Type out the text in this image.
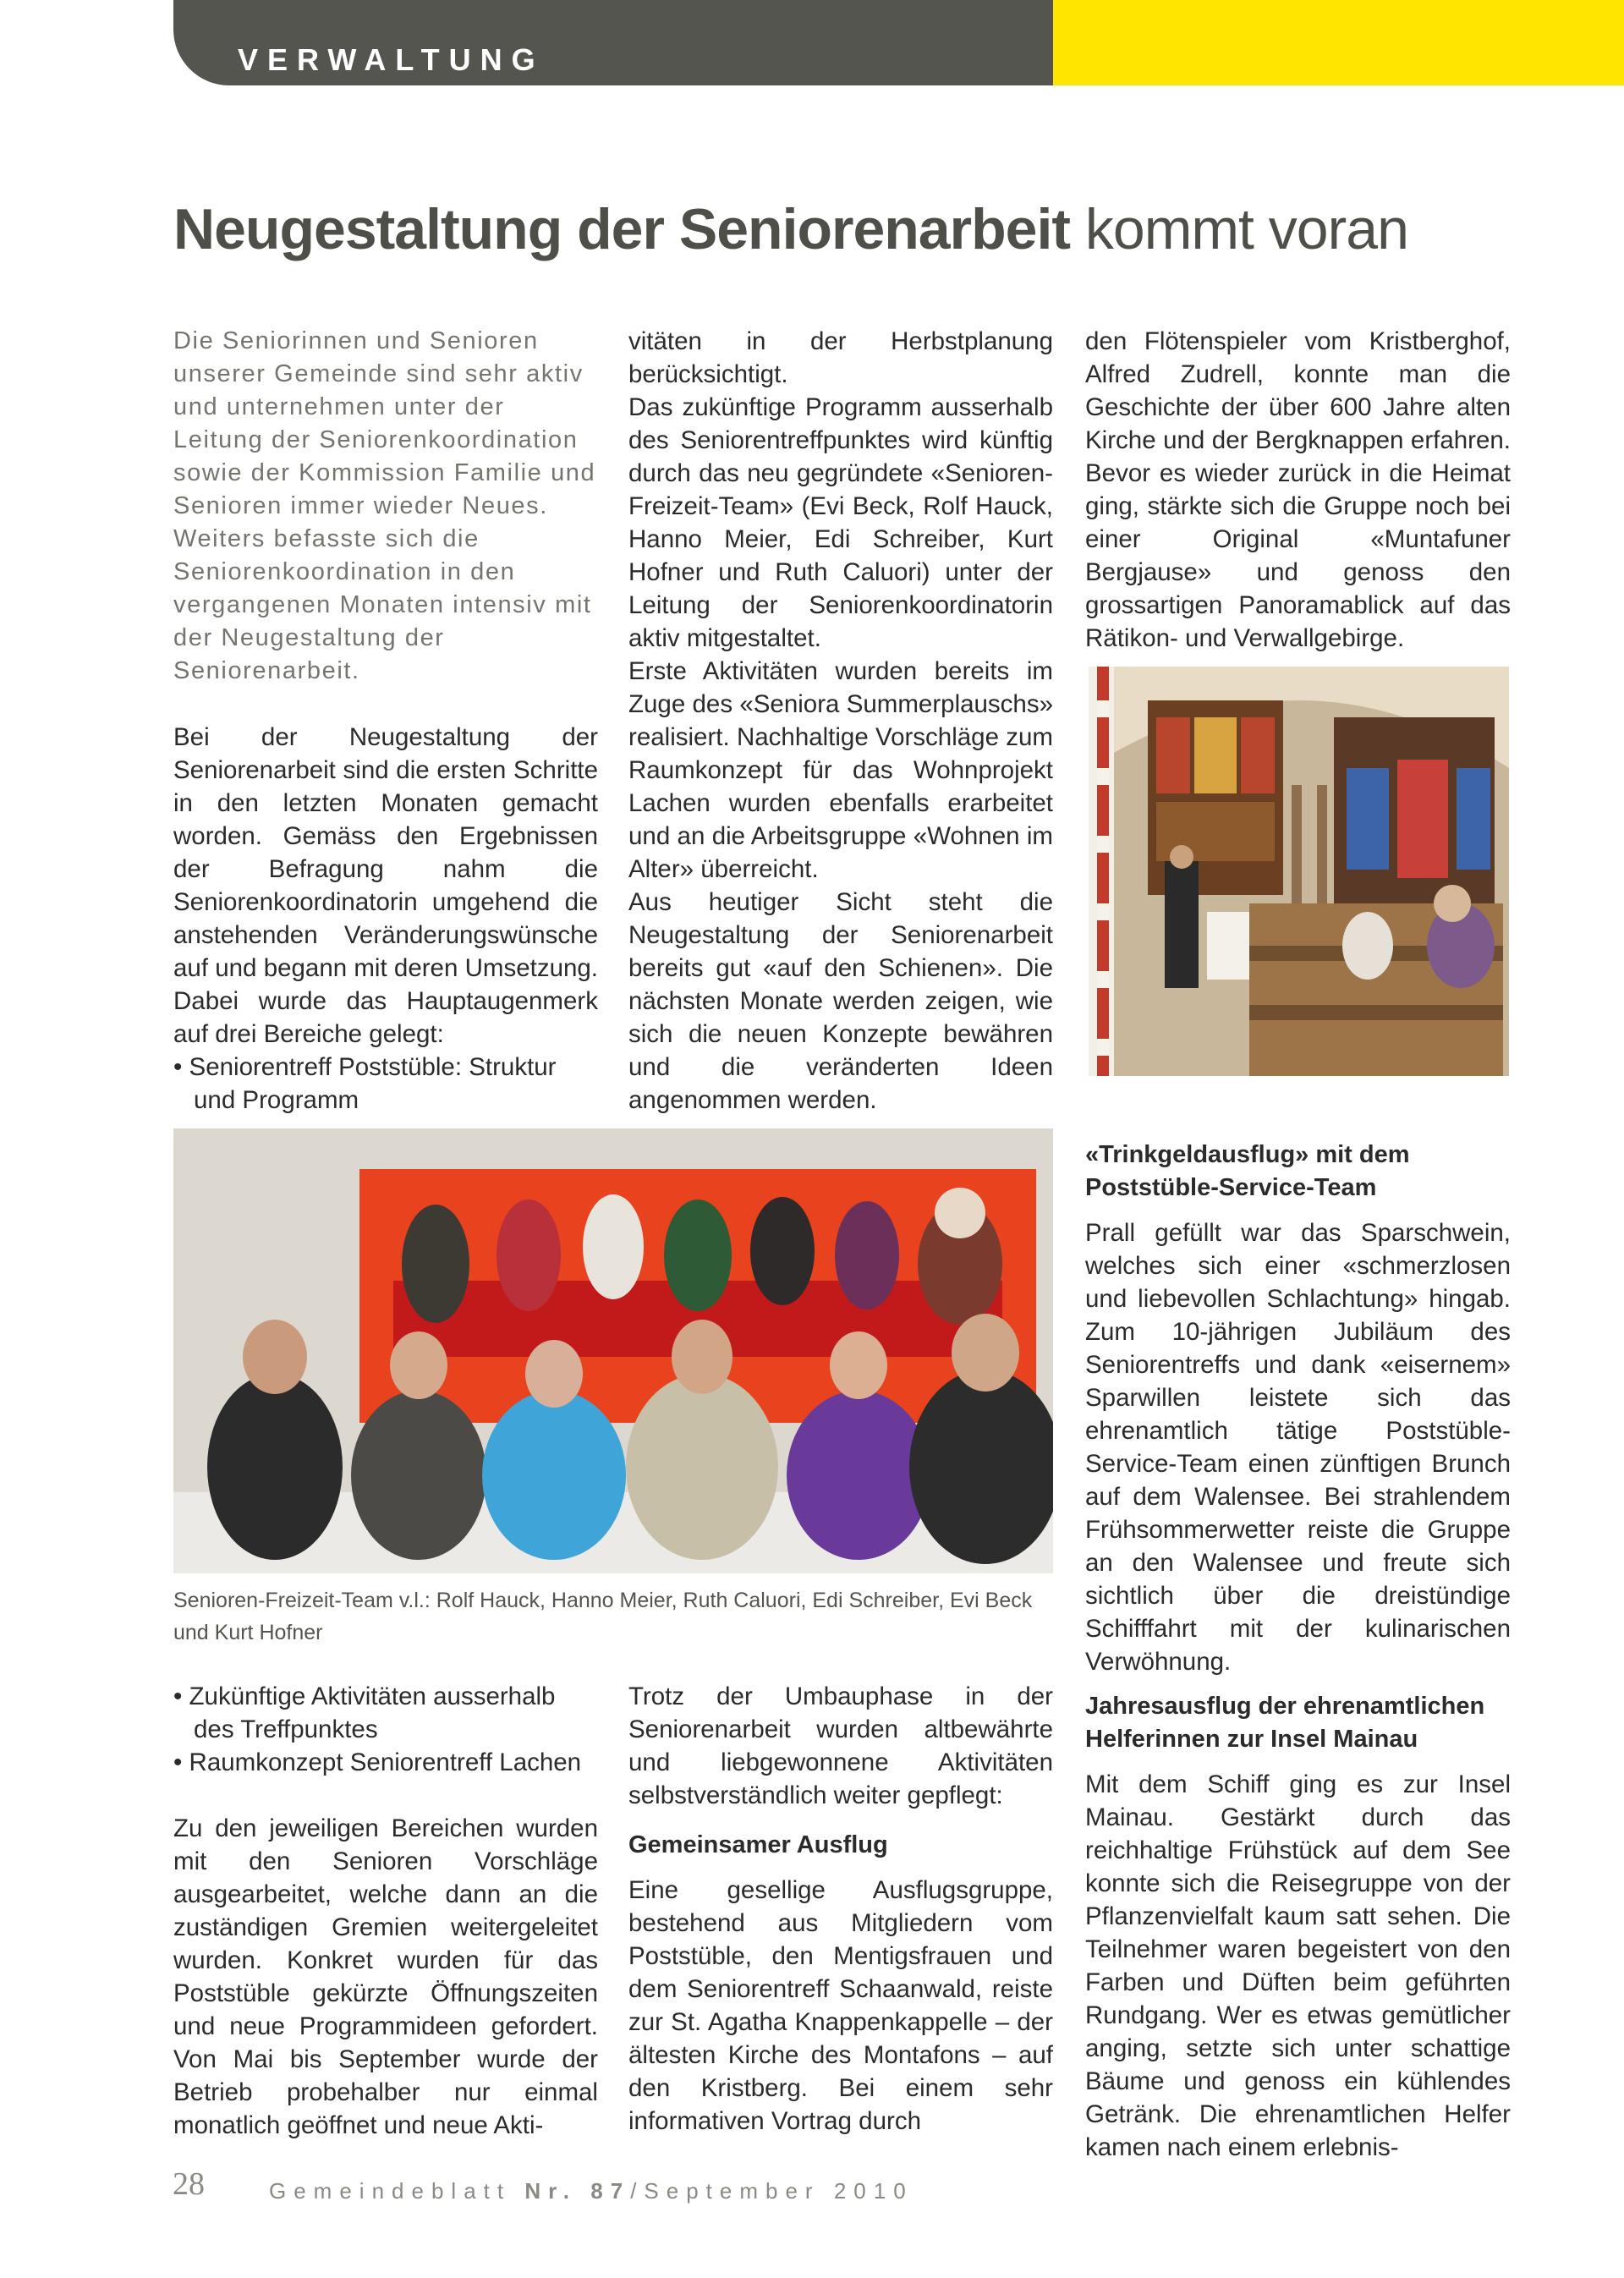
VERWALTUNG
Neugestaltung der Seniorenarbeit kommt voran

Die Seniorinnen und Senioren unserer Gemeinde sind sehr aktiv und unternehmen unter der Leitung der Seniorenkoordination sowie der Kommission Familie und Senioren immer wieder Neues. Weiters befasste sich die Seniorenkoordination in den vergangenen Monaten intensiv mit der Neugestaltung der Seniorenarbeit.

Bei der Neugestaltung der Seniorenarbeit sind die ersten Schritte in den letzten Monaten gemacht worden. Gemäss den Ergebnissen der Befragung nahm die Seniorenkoordinatorin umgehend die anstehenden Veränderungswünsche auf und begann mit deren Umsetzung. Dabei wurde das Hauptaugenmerk auf drei Bereiche gelegt:

• Seniorentreff Poststüble: Struktur und Programm

vitäten in der Herbstplanung berücksichtigt.

Das zukünftige Programm ausserhalb des Seniorentreffpunktes wird künftig durch das neu gegründete «Senioren-Freizeit-Team» (Evi Beck, Rolf Hauck, Hanno Meier, Edi Schreiber, Kurt Hofner und Ruth Caluori) unter der Leitung der Seniorenkoordinatorin aktiv mitgestaltet.

Erste Aktivitäten wurden bereits im Zuge des «Seniora Summerplauschs» realisiert. Nachhaltige Vorschläge zum Raumkonzept für das Wohnprojekt Lachen wurden ebenfalls erarbeitet und an die Arbeitsgruppe «Wohnen im Alter» überreicht.

Aus heutiger Sicht steht die Neugestaltung der Seniorenarbeit bereits gut «auf den Schienen». Die nächsten Monate werden zeigen, wie sich die neuen Konzepte bewähren und die veränderten Ideen angenommen werden.

den Flötenspieler vom Kristberghof, Alfred Zudrell, konnte man die Geschichte der über 600 Jahre alten Kirche und der Bergknappen erfahren. Bevor es wieder zurück in die Heimat ging, stärkte sich die Gruppe noch bei einer Original «Muntafuner Bergjause» und genoss den grossartigen Panoramablick auf das Rätikon- und Verwallgebirge.

Senioren-Freizeit-Team v.l.: Rolf Hauck, Hanno Meier, Ruth Caluori, Edi Schreiber, Evi Beck und Kurt Hofner

«Trinkgeldausflug» mit dem Poststüble-Service-Team

Prall gefüllt war das Sparschwein, welches sich einer «schmerzlosen und liebevollen Schlachtung» hingab. Zum 10-jährigen Jubiläum des Seniorentreffs und dank «eisernem» Sparwillen leistete sich das ehrenamtlich tätige Poststüble-Service-Team einen zünftigen Brunch auf dem Walensee. Bei strahlendem Frühsommerwetter reiste die Gruppe an den Walensee und freute sich sichtlich über die dreistündige Schifffahrt mit der kulinarischen Verwöhnung.

Jahresausflug der ehrenamtlichen Helferinnen zur Insel Mainau

Mit dem Schiff ging es zur Insel Mainau. Gestärkt durch das reichhaltige Frühstück auf dem See konnte sich die Reisegruppe von der Pflanzenvielfalt kaum satt sehen. Die Teilnehmer waren begeistert von den Farben und Düften beim geführten Rundgang. Wer es etwas gemütlicher anging, setzte sich unter schattige Bäume und genoss ein kühlendes Getränk. Die ehrenamtlichen Helfer kamen nach einem erlebnis-

• Zukünftige Aktivitäten ausserhalb des Treffpunktes

• Raumkonzept Seniorentreff Lachen

Zu den jeweiligen Bereichen wurden mit den Senioren Vorschläge ausgearbeitet, welche dann an die zuständigen Gremien weitergeleitet wurden. Konkret wurden für das Poststüble gekürzte Öffnungszeiten und neue Programmideen gefordert. Von Mai bis September wurde der Betrieb probehalber nur einmal monatlich geöffnet und neue Akti-

Trotz der Umbauphase in der Seniorenarbeit wurden altbewährte und liebgewonnene Aktivitäten selbstverständlich weiter gepflegt:

Gemeinsamer Ausflug

Eine gesellige Ausflugsgruppe, bestehend aus Mitgliedern vom Poststüble, den Mentigsfrauen und dem Seniorentreff Schaanwald, reiste zur St. Agatha Knappenkappelle – der ältesten Kirche des Montafons – auf den Kristberg. Bei einem sehr informativen Vortrag durch

28	Gemeindeblatt Nr. 87/September 2010
